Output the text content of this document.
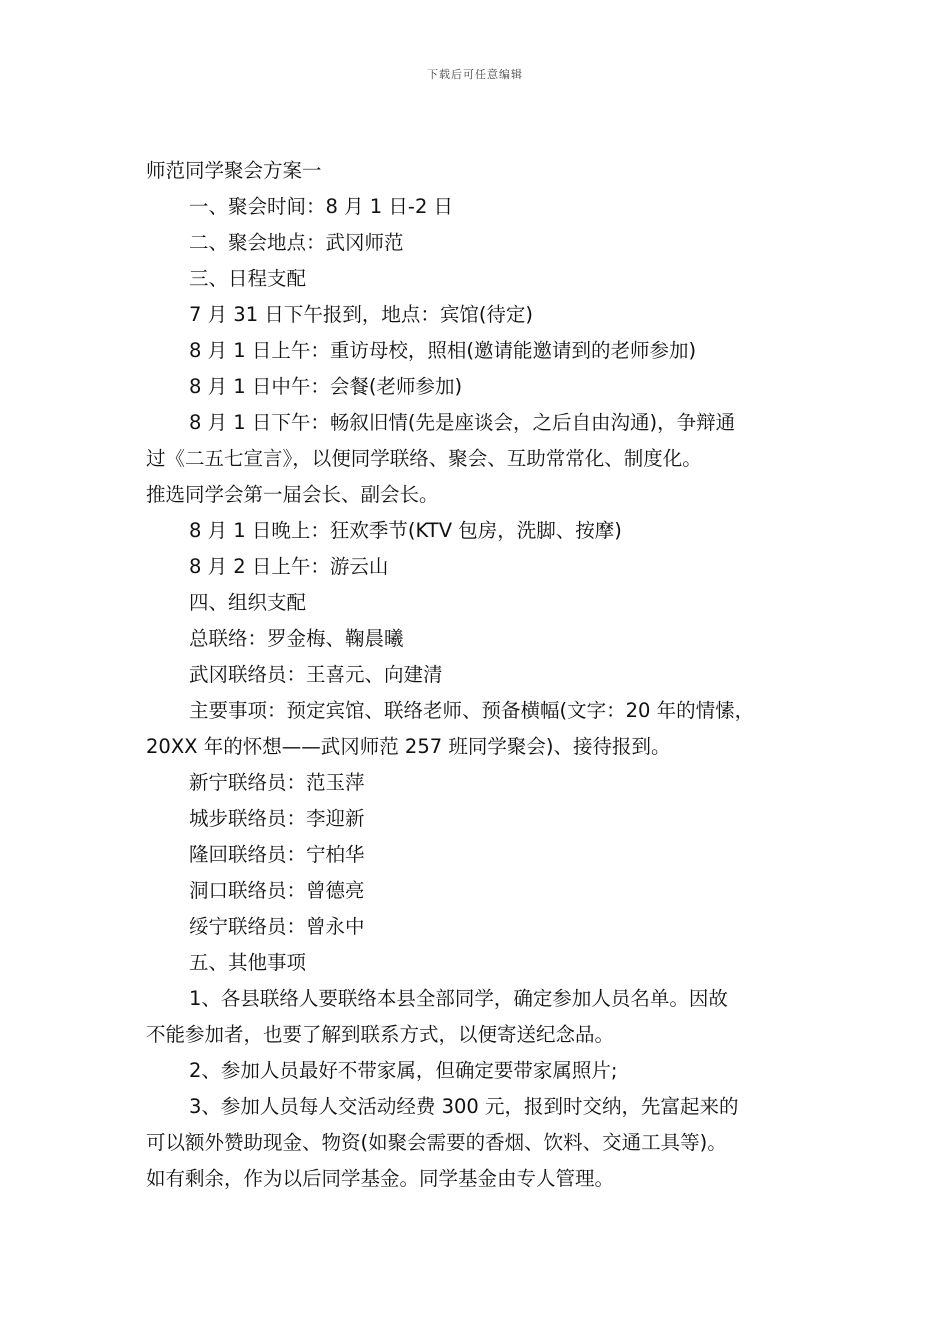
下载后可任意编辑
师范同学聚会方案一
一、聚会时间：8 月 1 日-2 日
二、聚会地点：武冈师范
三、日程支配
7 月 31 日下午报到，地点：宾馆(待定)
8 月 1 日上午：重访母校，照相(邀请能邀请到的老师参加)
8 月 1 日中午：会餐(老师参加)
8 月 1 日下午：畅叙旧情(先是座谈会，之后自由沟通)，争辩通
过《二五七宣言》，以便同学联络、聚会、互助常常化、制度化。
推选同学会第一届会长、副会长。
8 月 1 日晚上：狂欢季节(KTV 包房，洗脚、按摩)
8 月 2 日上午：游云山
四、组织支配
总联络：罗金梅、鞠晨曦
武冈联络员：王喜元、向建清
主要事项：预定宾馆、联络老师、预备横幅(文字：20 年的情愫，
20XX 年的怀想——武冈师范 257 班同学聚会)、接待报到。
新宁联络员：范玉萍
城步联络员：李迎新
隆回联络员：宁柏华
洞口联络员：曾德亮
绥宁联络员：曾永中
五、其他事项
1、各县联络人要联络本县全部同学，确定参加人员名单。因故
不能参加者，也要了解到联系方式，以便寄送纪念品。
2、参加人员最好不带家属，但确定要带家属照片;
3、参加人员每人交活动经费 300 元，报到时交纳，先富起来的
可以额外赞助现金、物资(如聚会需要的香烟、饮料、交通工具等)。
如有剩余，作为以后同学基金。同学基金由专人管理。
